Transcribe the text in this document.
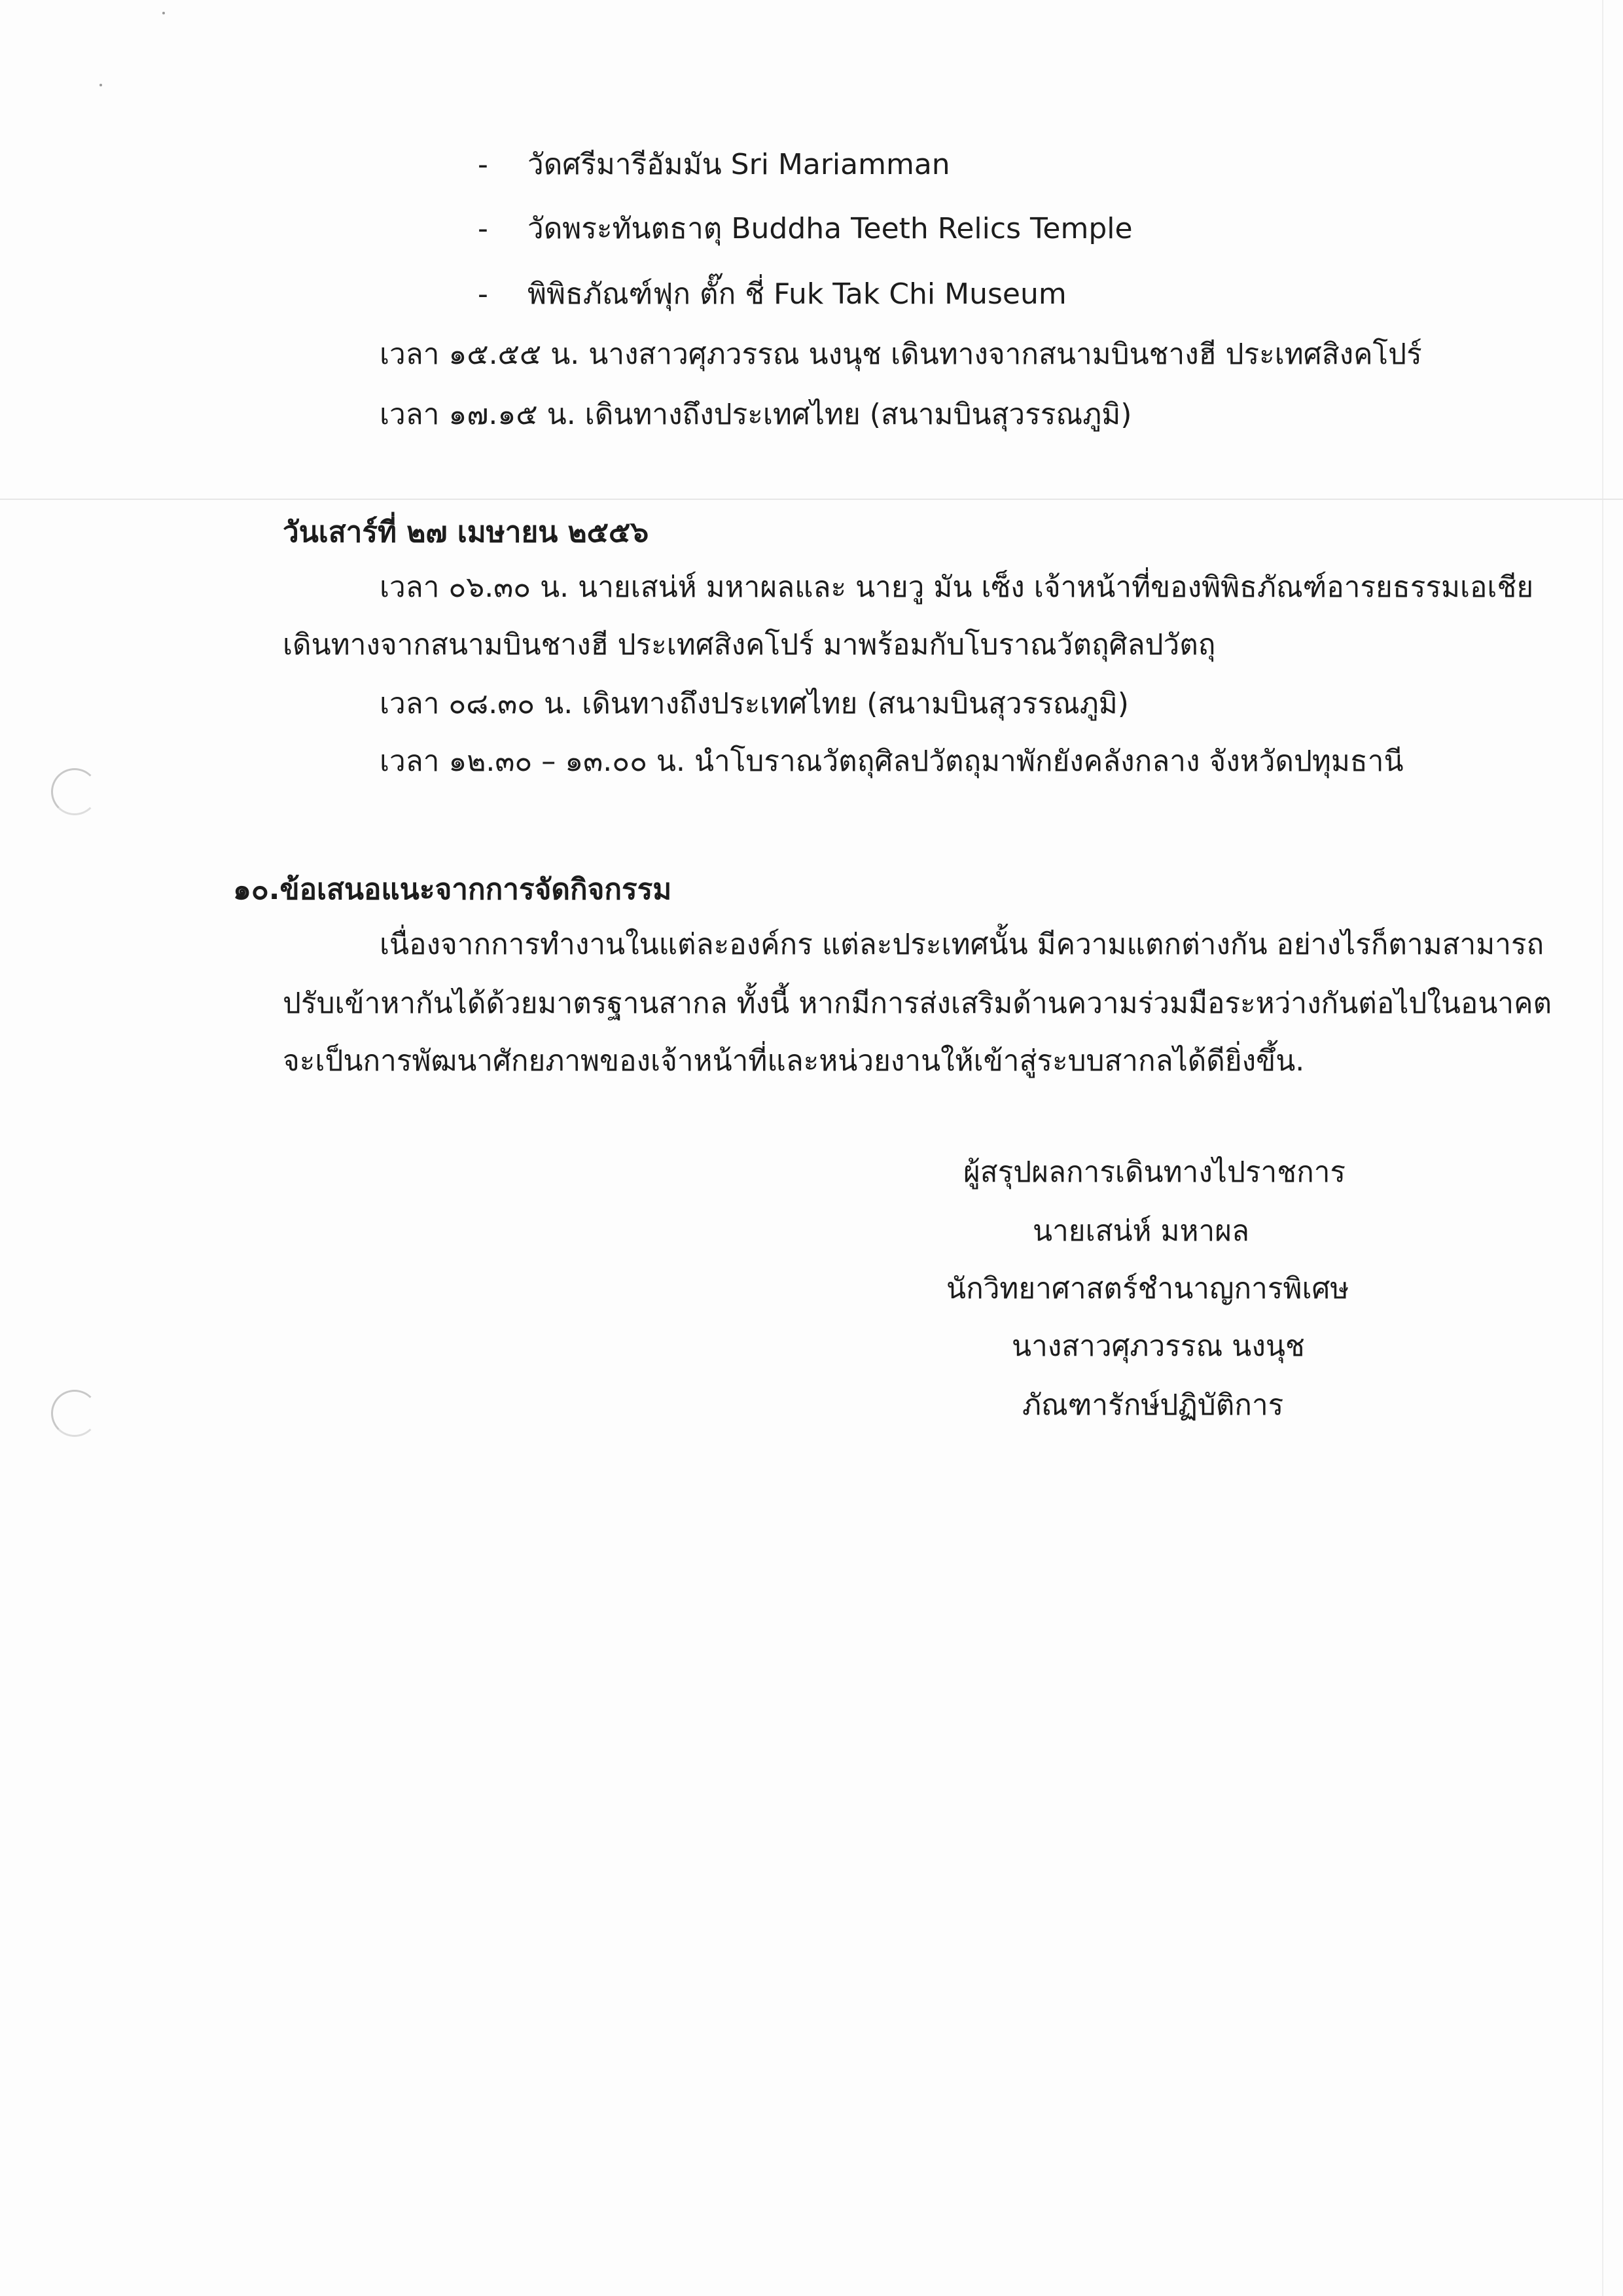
- วัดศรีมารีอัมมัน Sri Mariamman
- วัดพระทันตธาตุ Buddha Teeth Relics Temple
- พิพิธภัณฑ์ฟุก ตั๊ก ชี่ Fuk Tak Chi Museum
เวลา ๑๕.๕๕ น. นางสาวศุภวรรณ นงนุช เดินทางจากสนามบินชางฮี ประเทศสิงคโปร์
เวลา ๑๗.๑๕ น. เดินทางถึงประเทศไทย (สนามบินสุวรรณภูมิ)
วันเสาร์ที่ ๒๗ เมษายน ๒๕๕๖
เวลา ๐๖.๓๐ น. นายเสน่ห์ มหาผลและ นายวู มัน เซ็ง เจ้าหน้าที่ของพิพิธภัณฑ์อารยธรรมเอเชีย
เดินทางจากสนามบินชางฮี ประเทศสิงคโปร์ มาพร้อมกับโบราณวัตถุศิลปวัตถุ
เวลา ๐๘.๓๐ น. เดินทางถึงประเทศไทย (สนามบินสุวรรณภูมิ)
เวลา ๑๒.๓๐ – ๑๓.๐๐ น. นำโบราณวัตถุศิลปวัตถุมาพักยังคลังกลาง จังหวัดปทุมธานี
๑๐.ข้อเสนอแนะจากการจัดกิจกรรม
เนื่องจากการทำงานในแต่ละองค์กร แต่ละประเทศนั้น มีความแตกต่างกัน อย่างไรก็ตามสามารถ
ปรับเข้าหากันได้ด้วยมาตรฐานสากล ทั้งนี้ หากมีการส่งเสริมด้านความร่วมมือระหว่างกันต่อไปในอนาคต
จะเป็นการพัฒนาศักยภาพของเจ้าหน้าที่และหน่วยงานให้เข้าสู่ระบบสากลได้ดียิ่งขึ้น.
ผู้สรุปผลการเดินทางไปราชการ
นายเสน่ห์ มหาผล
นักวิทยาศาสตร์ชำนาญการพิเศษ
นางสาวศุภวรรณ นงนุช
ภัณฑารักษ์ปฏิบัติการ
